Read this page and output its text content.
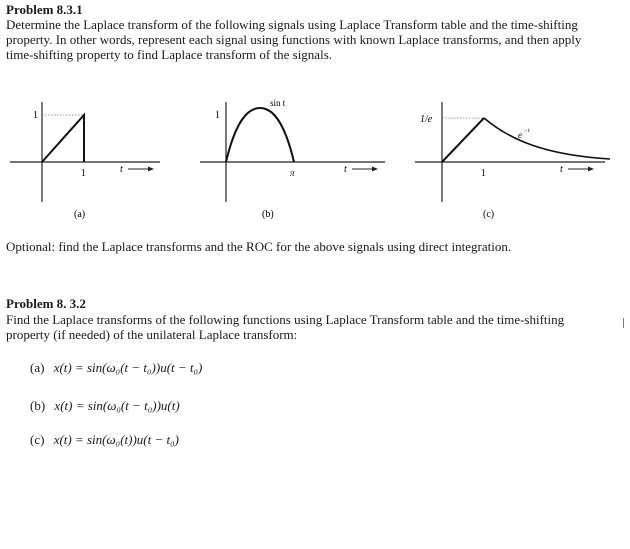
Problem 8.3.1
Determine the Laplace transform of the following signals using Laplace Transform table and the time-shifting
property. In other words, represent each signal using functions with known Laplace transforms, and then apply
time-shifting property to find Laplace transform of the signals.
1
1	t
(a)
1
π
sin t
t
(b)
1/e
1
e −t
t
(c)
Optional: find the Laplace transforms and the ROC for the above signals using direct integration.
Problem 8. 3.2
Find the Laplace transforms of the following functions using Laplace Transform table and the time-shifting
property (if needed) of the unilateral Laplace transform:
(a) x(t) = sin(ω₀(t − t₀))u(t − t₀)
(b) x(t) = sin(ω₀(t − t₀))u(t)
(c) x(t) = sin(ω₀(t))u(t − t₀)
